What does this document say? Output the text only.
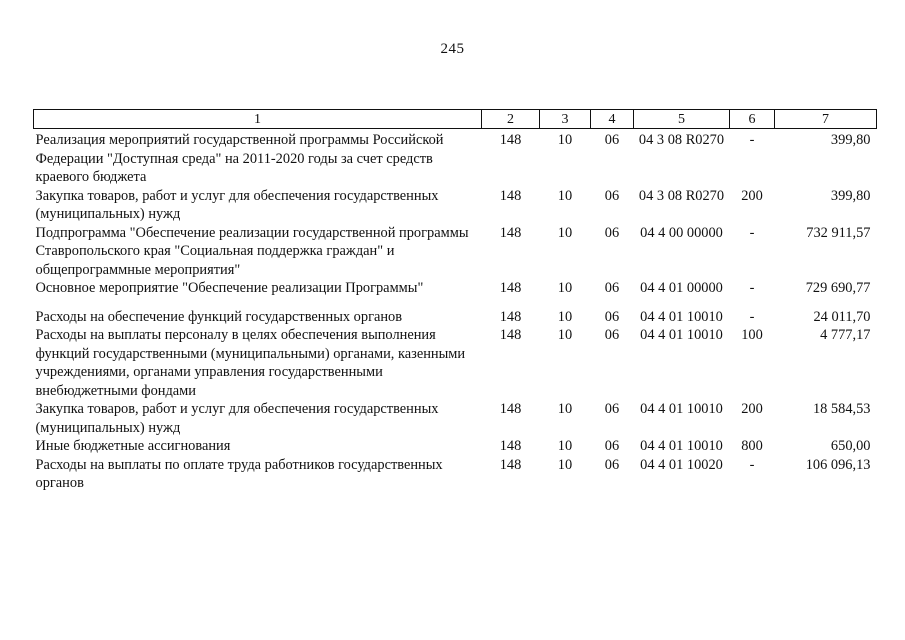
245
1	2	3	4	5	6	7

Реализация мероприятий государственной программы Российской Федерации "Доступная среда" на 2011-2020 годы за счет средств краевого бюджета	148	10	06	04 3 08 R0270	-	399,80
Закупка товаров, работ и услуг для обеспечения государственных (муниципальных) нужд	148	10	06	04 3 08 R0270	200	399,80
Подпрограмма "Обеспечение реализации государственной программы Ставропольского края "Социальная поддержка граждан" и общепрограммные мероприятия"	148	10	06	04 4 00 00000	-	732 911,57
Основное мероприятие "Обеспечение реализации Программы"	148	10	06	04 4 01 00000	-	729 690,77
Расходы на обеспечение функций государственных органов	148	10	06	04 4 01 10010	-	24 011,70
Расходы на выплаты персоналу в целях обеспечения выполнения функций государственными (муниципальными) органами, казенными учреждениями, органами управления государственными внебюджетными фондами	148	10	06	04 4 01 10010	100	4 777,17
Закупка товаров, работ и услуг для обеспечения государственных (муниципальных) нужд	148	10	06	04 4 01 10010	200	18 584,53
Иные бюджетные ассигнования	148	10	06	04 4 01 10010	800	650,00
Расходы на выплаты по оплате труда работников государственных органов	148	10	06	04 4 01 10020	-	106 096,13
